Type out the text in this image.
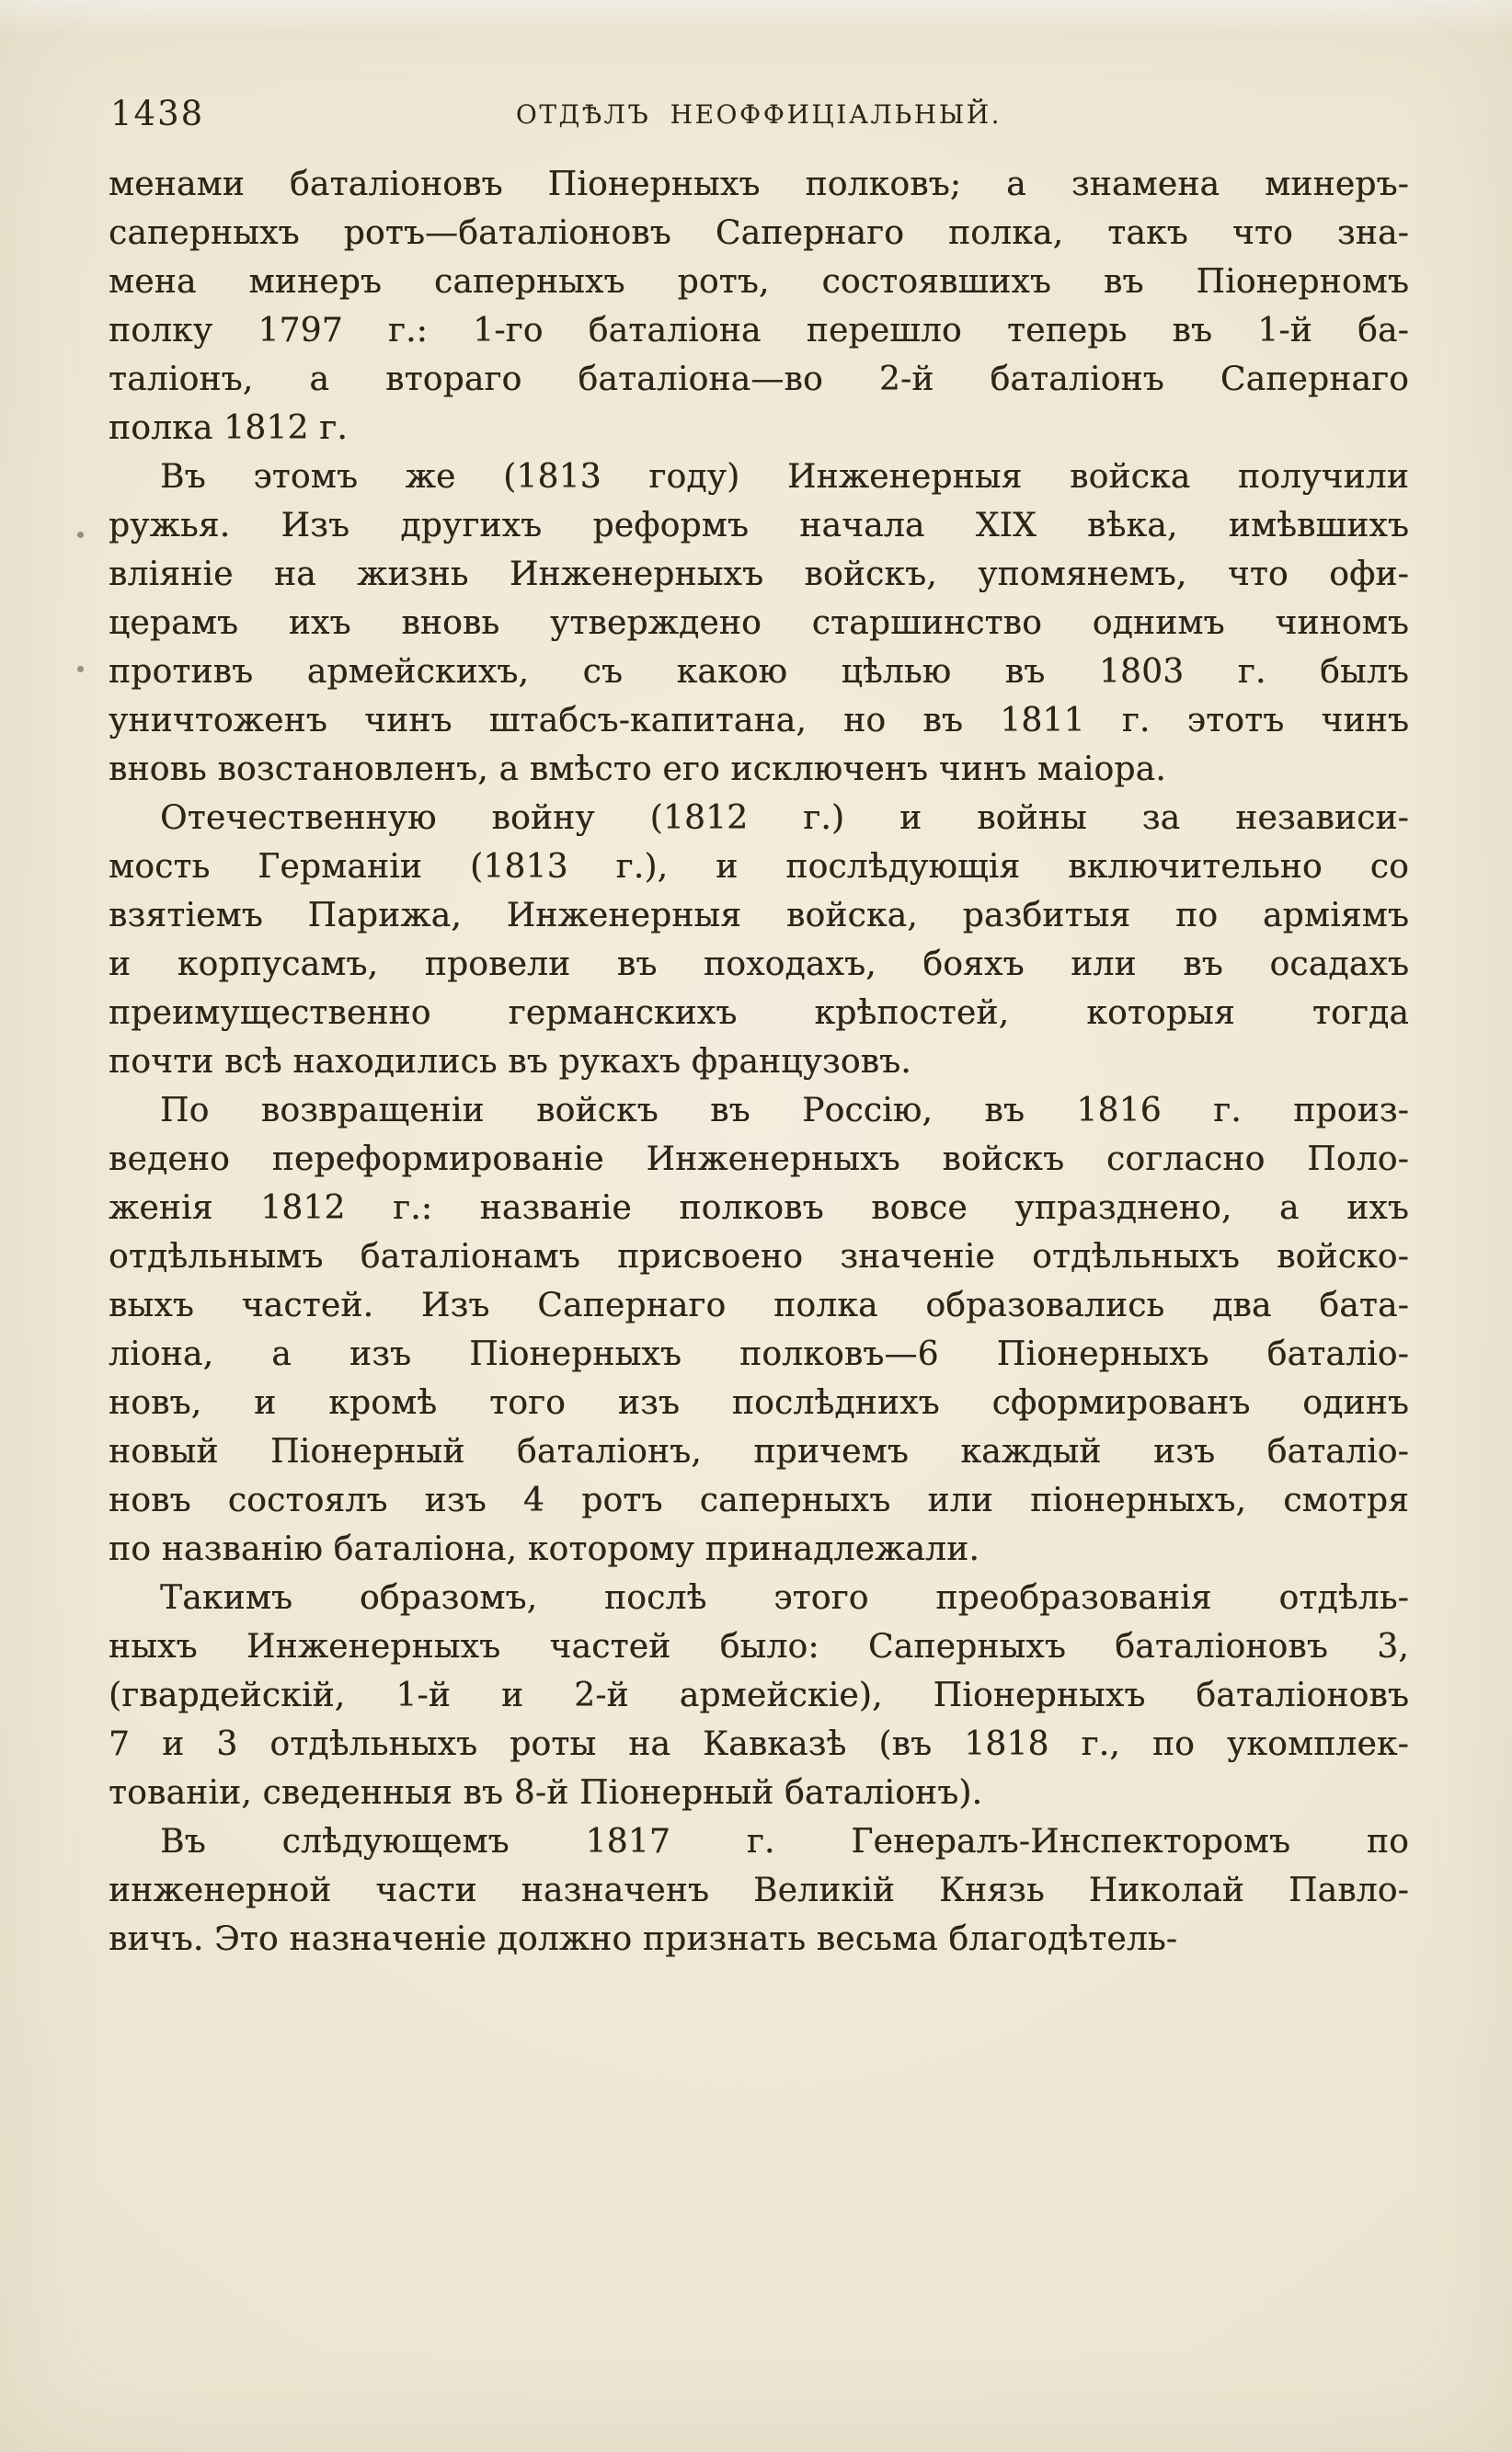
1438	ОТДѢЛЪ НЕОФФИЦІАЛЬНЫЙ.
менами баталіоновъ Піонерныхъ полковъ; а знамена минеръ-
саперныхъ ротъ—баталіоновъ Сапернаго полка, такъ что зна-
мена минеръ саперныхъ ротъ, состоявшихъ въ Піонерномъ
полку 1797 г.: 1-го баталіона перешло теперь въ 1-й ба-
таліонъ, а втораго баталіона—во 2-й баталіонъ Сапернаго
полка 1812 г.
Въ этомъ же (1813 году) Инженерныя войска получили
ружья. Изъ другихъ реформъ начала XIX вѣка, имѣвшихъ
вліяніе на жизнь Инженерныхъ войскъ, упомянемъ, что офи-
церамъ ихъ вновь утверждено старшинство однимъ чиномъ
противъ армейскихъ, съ какою цѣлью въ 1803 г. былъ
уничтоженъ чинъ штабсъ-капитана, но въ 1811 г. этотъ чинъ
вновь возстановленъ, а вмѣсто его исключенъ чинъ маіора.
Отечественную войну (1812 г.) и войны за независи-
мость Германіи (1813 г.), и послѣдующія включительно со
взятіемъ Парижа, Инженерныя войска, разбитыя по арміямъ
и корпусамъ, провели въ походахъ, бояхъ или въ осадахъ
преимущественно германскихъ крѣпостей, которыя тогда
почти всѣ находились въ рукахъ французовъ.
По возвращеніи войскъ въ Россію, въ 1816 г. произ-
ведено переформированіе Инженерныхъ войскъ согласно Поло-
женія 1812 г.: названіе полковъ вовсе упразднено, а ихъ
отдѣльнымъ баталіонамъ присвоено значеніе отдѣльныхъ войско-
выхъ частей. Изъ Сапернаго полка образовались два бата-
ліона, а изъ Піонерныхъ полковъ—6 Піонерныхъ баталіо-
новъ, и кромѣ того изъ послѣднихъ сформированъ одинъ
новый Піонерный баталіонъ, причемъ каждый изъ баталіо-
новъ состоялъ изъ 4 ротъ саперныхъ или піонерныхъ, смотря
по названію баталіона, которому принадлежали.
Такимъ образомъ, послѣ этого преобразованія отдѣль-
ныхъ Инженерныхъ частей было: Саперныхъ баталіоновъ 3,
(гвардейскій, 1-й и 2-й армейскіе), Піонерныхъ баталіоновъ
7 и 3 отдѣльныхъ роты на Кавказѣ (въ 1818 г., по укомплек-
тованіи, сведенныя въ 8-й Піонерный баталіонъ).
Въ слѣдующемъ 1817 г. Генералъ-Инспекторомъ по
инженерной части назначенъ Великій Князь Николай Павло-
вичъ. Это назначеніе должно признать весьма благодѣтель-
